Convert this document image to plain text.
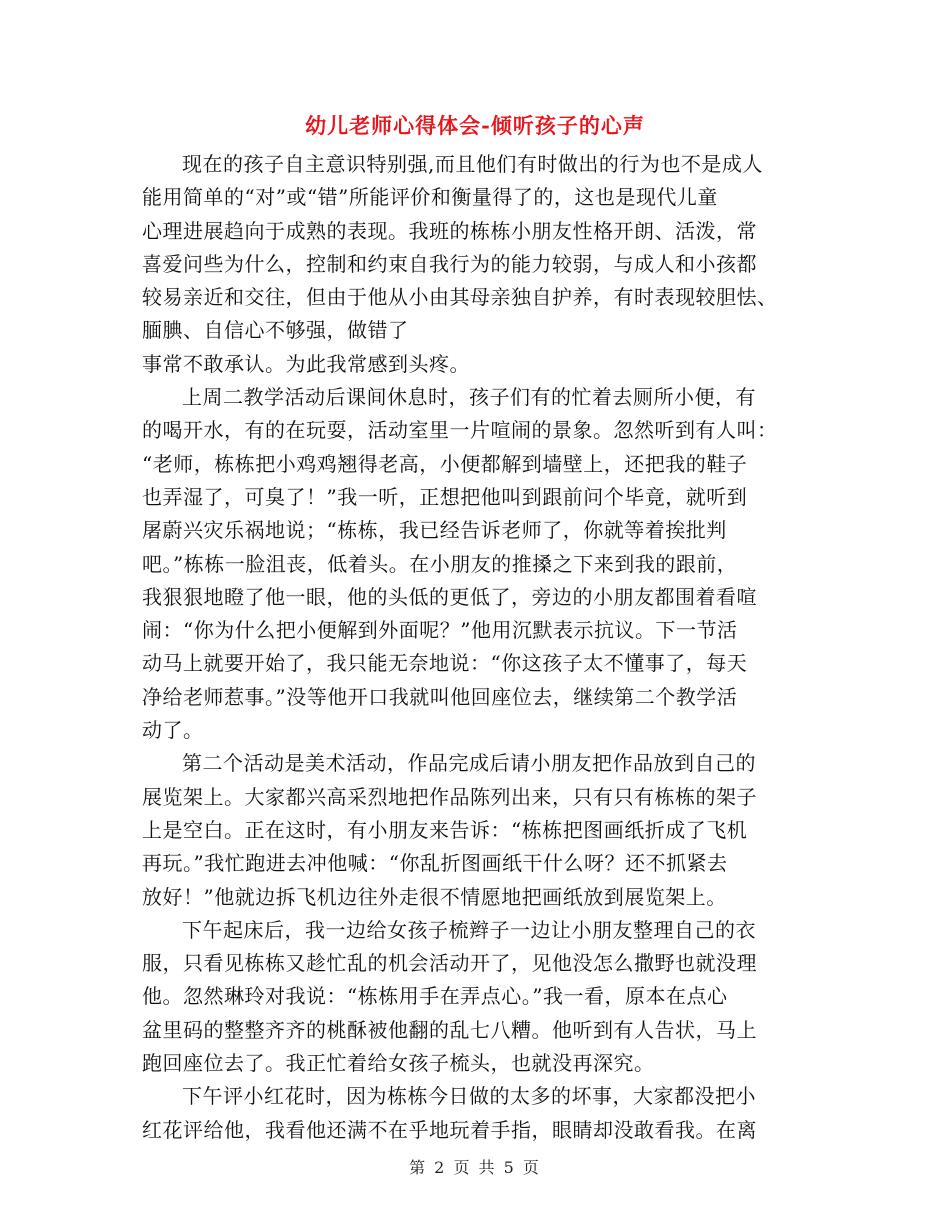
幼儿老师心得体会-倾听孩子的心声
现在的孩子自主意识特别强,而且他们有时做出的行为也不是成人
能用简单的“对”或“错”所能评价和衡量得了的，这也是现代儿童
心理进展趋向于成熟的表现。我班的栋栋小朋友性格开朗、活泼，常
喜爱问些为什么，控制和约束自我行为的能力较弱，与成人和小孩都
较易亲近和交往，但由于他从小由其母亲独自护养，有时表现较胆怯、
腼腆、自信心不够强，做错了
事常不敢承认。为此我常感到头疼。
上周二教学活动后课间休息时，孩子们有的忙着去厕所小便，有
的喝开水，有的在玩耍，活动室里一片喧闹的景象。忽然听到有人叫：
“老师，栋栋把小鸡鸡翘得老高，小便都解到墙壁上，还把我的鞋子
也弄湿了，可臭了！”我一听，正想把他叫到跟前问个毕竟，就听到
屠蔚兴灾乐祸地说；“栋栋，我已经告诉老师了，你就等着挨批判
吧。”栋栋一脸沮丧，低着头。在小朋友的推搡之下来到我的跟前，
我狠狠地瞪了他一眼，他的头低的更低了，旁边的小朋友都围着看喧
闹：“你为什么把小便解到外面呢？”他用沉默表示抗议。下一节活
动马上就要开始了，我只能无奈地说：“你这孩子太不懂事了，每天
净给老师惹事。”没等他开口我就叫他回座位去，继续第二个教学活
动了。
第二个活动是美术活动，作品完成后请小朋友把作品放到自己的
展览架上。大家都兴高采烈地把作品陈列出来，只有只有栋栋的架子
上是空白。正在这时，有小朋友来告诉：“栋栋把图画纸折成了飞机
再玩。”我忙跑进去冲他喊：“你乱折图画纸干什么呀？还不抓紧去
放好！”他就边拆飞机边往外走很不情愿地把画纸放到展览架上。
下午起床后，我一边给女孩子梳辫子一边让小朋友整理自己的衣
服，只看见栋栋又趁忙乱的机会活动开了，见他没怎么撒野也就没理
他。忽然琳玲对我说：“栋栋用手在弄点心。”我一看，原本在点心
盆里码的整整齐齐的桃酥被他翻的乱七八糟。他听到有人告状，马上
跑回座位去了。我正忙着给女孩子梳头，也就没再深究。
下午评小红花时，因为栋栋今日做的太多的坏事，大家都没把小
红花评给他，我看他还满不在乎地玩着手指，眼睛却没敢看我。在离
第 2 页 共 5 页
